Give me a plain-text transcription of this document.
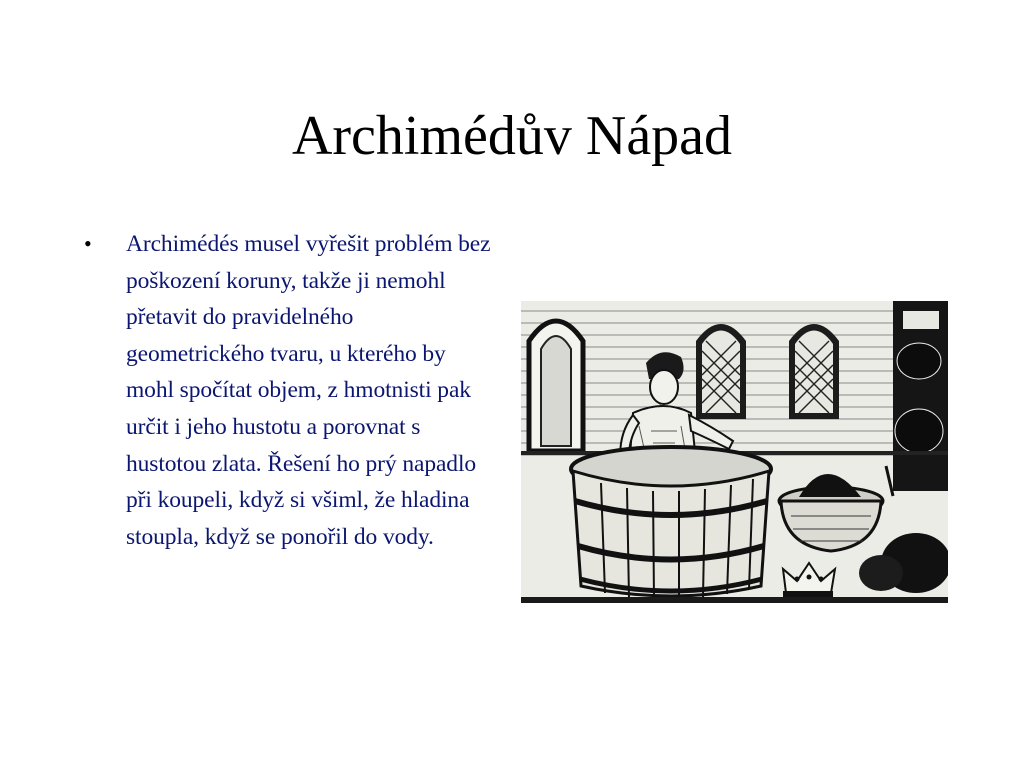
Archimédův Nápad
•	Archimédés musel vyřešit problém bez poškození koruny, takže ji nemohl přetavit do pravidelného geometrického tvaru, u kterého by mohl spočítat objem, z hmotnisti pak určit i jeho hustotu a porovnat s hustotou zlata. Řešení ho prý napadlo při koupeli, když si všiml, že hladina stoupla, když se ponořil do vody.
